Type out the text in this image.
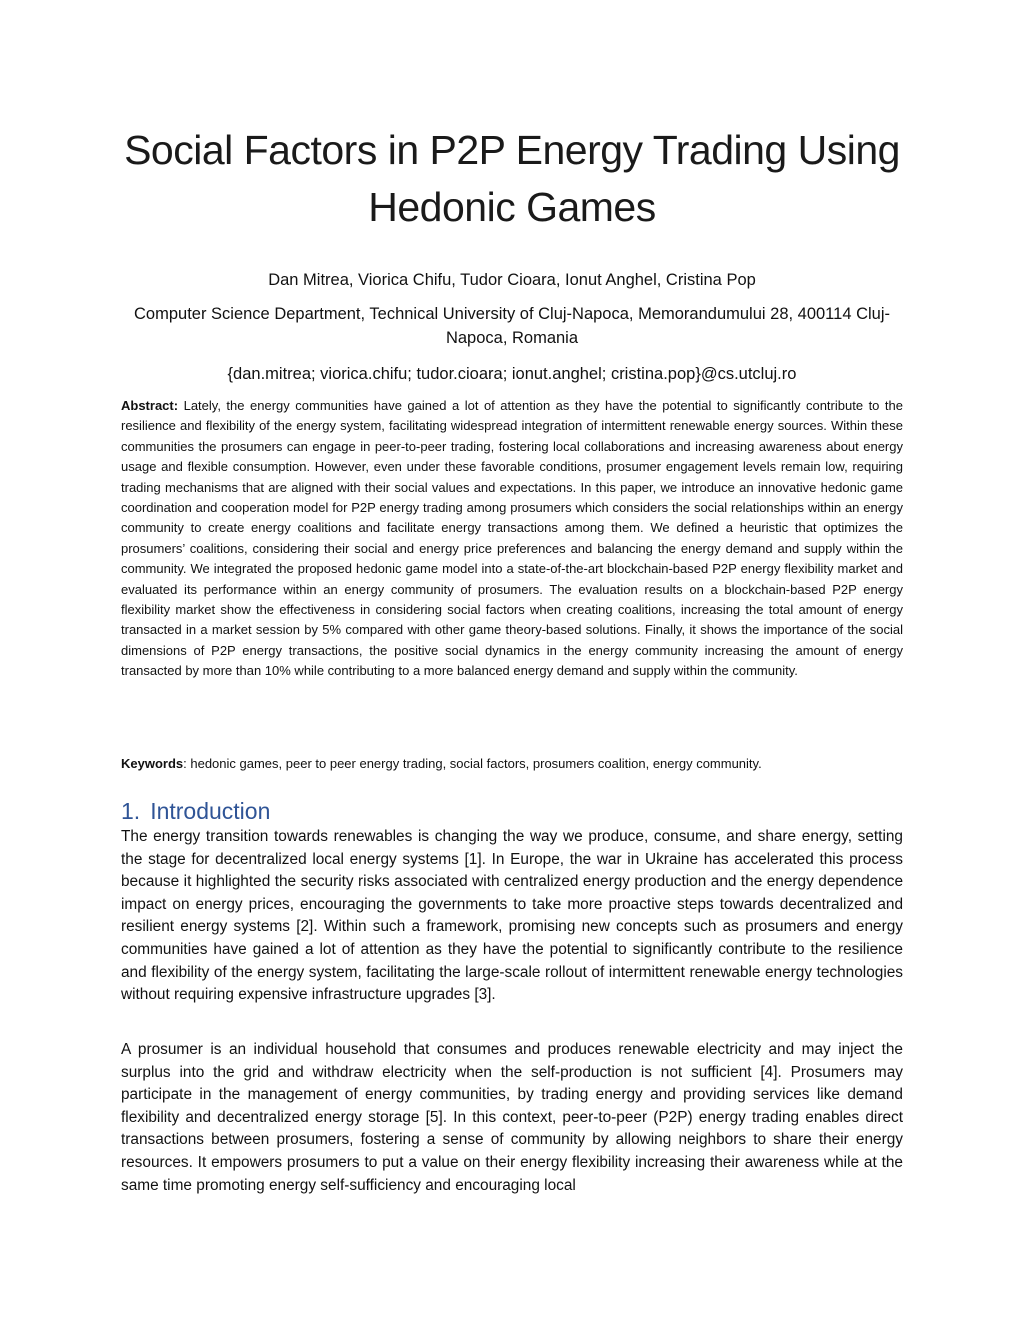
Social Factors in P2P Energy Trading Using Hedonic Games
Dan Mitrea, Viorica Chifu, Tudor Cioara, Ionut Anghel, Cristina Pop
Computer Science Department, Technical University of Cluj-Napoca, Memorandumului 28, 400114 Cluj-Napoca, Romania
{dan.mitrea; viorica.chifu; tudor.cioara; ionut.anghel; cristina.pop}@cs.utcluj.ro

Abstract: Lately, the energy communities have gained a lot of attention as they have the potential to significantly contribute to the resilience and flexibility of the energy system, facilitating widespread integration of intermittent renewable energy sources. Within these communities the prosumers can engage in peer-to-peer trading, fostering local collaborations and increasing awareness about energy usage and flexible consumption. However, even under these favorable conditions, prosumer engagement levels remain low, requiring trading mechanisms that are aligned with their social values and expectations. In this paper, we introduce an innovative hedonic game coordination and cooperation model for P2P energy trading among prosumers which considers the social relationships within an energy community to create energy coalitions and facilitate energy transactions among them. We defined a heuristic that optimizes the prosumers’ coalitions, considering their social and energy price preferences and balancing the energy demand and supply within the community. We integrated the proposed hedonic game model into a state-of-the-art blockchain-based P2P energy flexibility market and evaluated its performance within an energy community of prosumers. The evaluation results on a blockchain-based P2P energy flexibility market show the effectiveness in considering social factors when creating coalitions, increasing the total amount of energy transacted in a market session by 5% compared with other game theory-based solutions. Finally, it shows the importance of the social dimensions of P2P energy transactions, the positive social dynamics in the energy community increasing the amount of energy transacted by more than 10% while contributing to a more balanced energy demand and supply within the community.

Keywords: hedonic games, peer to peer energy trading, social factors, prosumers coalition, energy community.

1. Introduction

The energy transition towards renewables is changing the way we produce, consume, and share energy, setting the stage for decentralized local energy systems [1]. In Europe, the war in Ukraine has accelerated this process because it highlighted the security risks associated with centralized energy production and the energy dependence impact on energy prices, encouraging the governments to take more proactive steps towards decentralized and resilient energy systems [2]. Within such a framework, promising new concepts such as prosumers and energy communities have gained a lot of attention as they have the potential to significantly contribute to the resilience and flexibility of the energy system, facilitating the large-scale rollout of intermittent renewable energy technologies without requiring expensive infrastructure upgrades [3].

A prosumer is an individual household that consumes and produces renewable electricity and may inject the surplus into the grid and withdraw electricity when the self-production is not sufficient [4]. Prosumers may participate in the management of energy communities, by trading energy and providing services like demand flexibility and decentralized energy storage [5]. In this context, peer-to-peer (P2P) energy trading enables direct transactions between prosumers, fostering a sense of community by allowing neighbors to share their energy resources. It empowers prosumers to put a value on their energy flexibility increasing their awareness while at the same time promoting energy self-sufficiency and encouraging local
